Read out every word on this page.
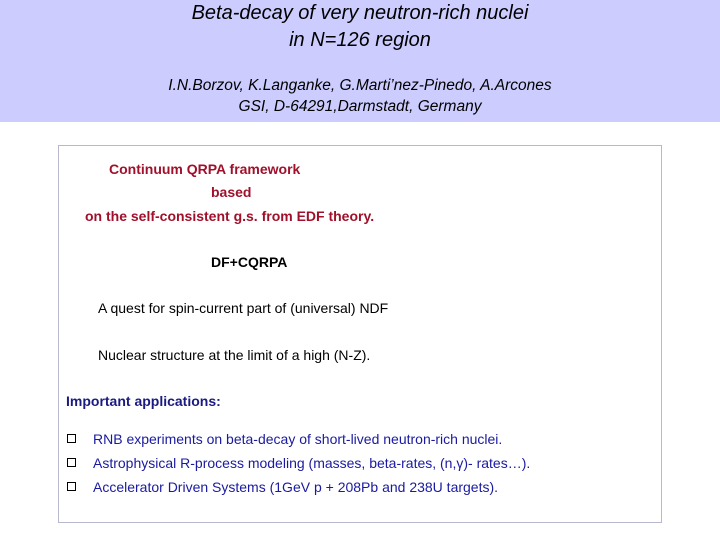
Beta-decay of very neutron-rich nuclei
in N=126 region
I.N.Borzov, K.Langanke, G.Marti’nez-Pinedo, A.Arcones
GSI, D-64291,Darmstadt, Germany
Continuum QRPA framework
based
on the self-consistent g.s. from EDF theory.
DF+CQRPA
A quest for spin-current part of (universal) NDF
Nuclear structure at the limit of a high (N-Z).
Important applications:
RNB experiments on beta-decay of short-lived neutron-rich nuclei.
Astrophysical R-process modeling (masses, beta-rates, (n,γ)- rates…).
Accelerator Driven Systems (1GeV p + 208Pb and 238U targets).
